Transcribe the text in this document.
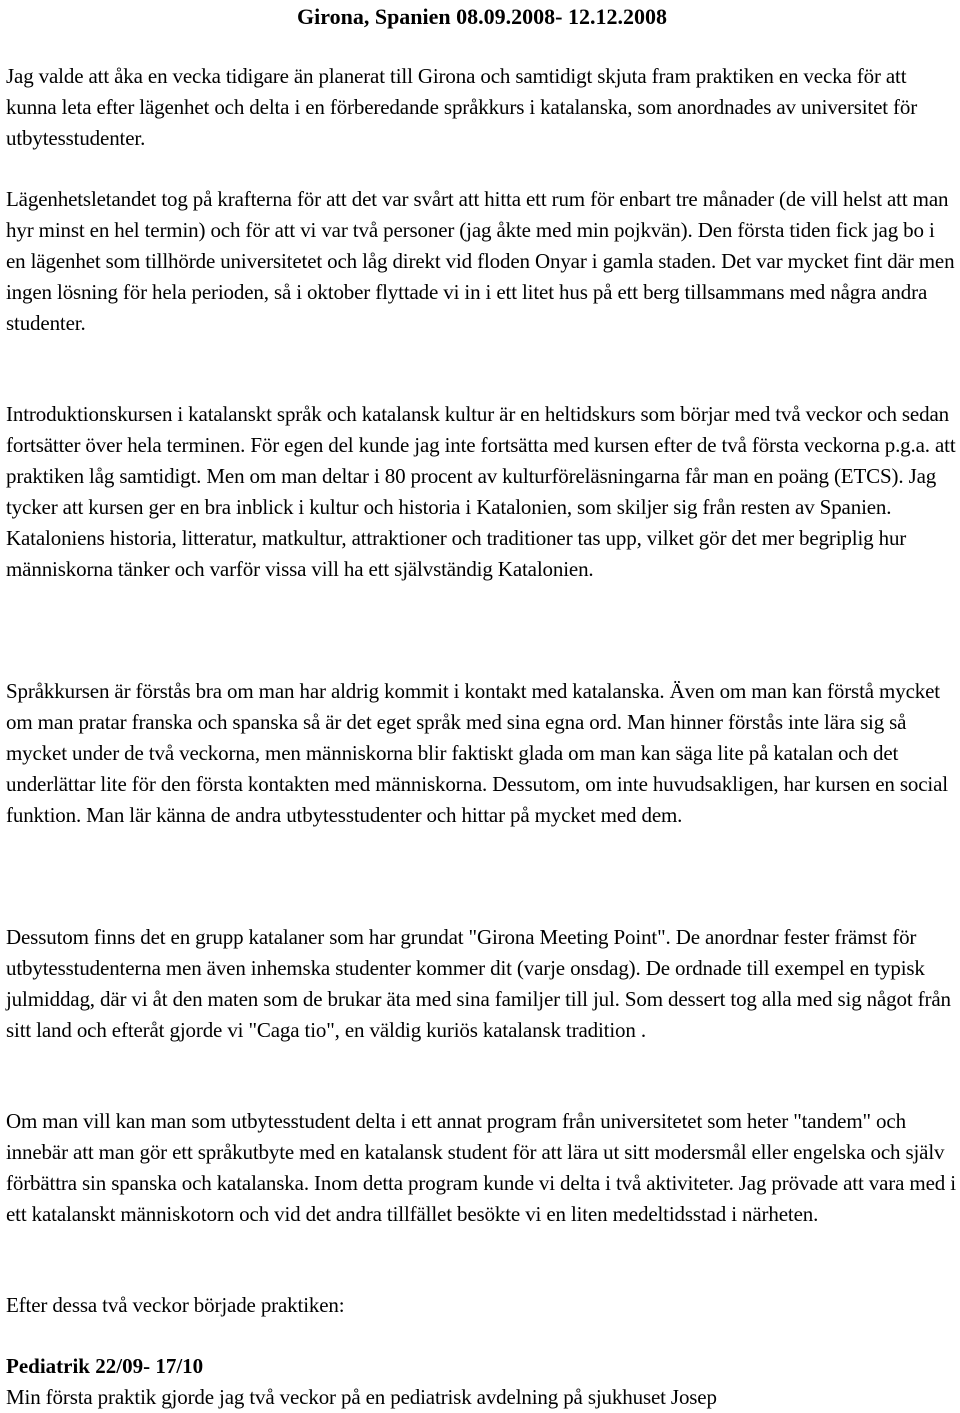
Girona, Spanien 08.09.2008- 12.12.2008

Jag valde att åka en vecka tidigare än planerat till Girona och samtidigt skjuta fram praktiken en vecka för att kunna leta efter lägenhet och delta i en förberedande språkkurs i katalanska, som anordnades av universitet för utbytesstudenter.

Lägenhetsletandet tog på krafterna för att det var svårt att hitta ett rum för enbart tre månader (de vill helst att man hyr minst en hel termin) och för att vi var två personer (jag åkte med min pojkvän). Den första tiden fick jag bo i en lägenhet som tillhörde universitetet och låg direkt vid floden Onyar i gamla staden. Det var mycket fint där men ingen lösning för hela perioden, så i oktober flyttade vi in i ett litet hus på ett berg tillsammans med några andra studenter.

Introduktionskursen i katalanskt språk och katalansk kultur är en heltidskurs som börjar med två veckor och sedan fortsätter över hela terminen. För egen del kunde jag inte fortsätta med kursen efter de två första veckorna p.g.a. att praktiken låg samtidigt. Men om man deltar i 80 procent av kulturföreläsningarna får man en poäng (ETCS). Jag tycker att kursen ger en bra inblick i kultur och historia i Katalonien, som skiljer sig från resten av Spanien. Kataloniens historia, litteratur, matkultur, attraktioner och traditioner tas upp, vilket gör det mer begriplig hur människorna tänker och varför vissa vill ha ett självständig Katalonien.

Språkkursen är förstås bra om man har aldrig kommit i kontakt med katalanska. Även om man kan förstå mycket om man pratar franska och spanska så är det eget språk med sina egna ord. Man hinner förstås inte lära sig så mycket under de två veckorna, men människorna blir faktiskt glada om man kan säga lite på katalan och det underlättar lite för den första kontakten med människorna. Dessutom, om inte huvudsakligen, har kursen en social funktion. Man lär känna de andra utbytesstudenter och hittar på mycket med dem.

Dessutom finns det en grupp katalaner som har grundat "Girona Meeting Point". De anordnar fester främst för utbytesstudenterna men även inhemska studenter kommer dit (varje onsdag). De ordnade till exempel en typisk julmiddag, där vi åt den maten som de brukar äta med sina familjer till jul. Som dessert tog alla med sig något från sitt land och efteråt gjorde vi "Caga tio", en väldig kuriös katalansk tradition .

Om man vill kan man som utbytesstudent delta i ett annat program från universitetet som heter "tandem" och innebär att man gör ett språkutbyte med en katalansk student för att lära ut sitt modersmål eller engelska och själv förbättra sin spanska och katalanska. Inom detta program kunde vi delta i två aktiviteter. Jag prövade att vara med i ett katalanskt människotorn och vid det andra tillfället besökte vi en liten medeltidsstad i närheten.

Efter dessa två veckor började praktiken:

Pediatrik 22/09- 17/10

Min första praktik gjorde jag två veckor på en pediatrisk avdelning på sjukhuset Josep
